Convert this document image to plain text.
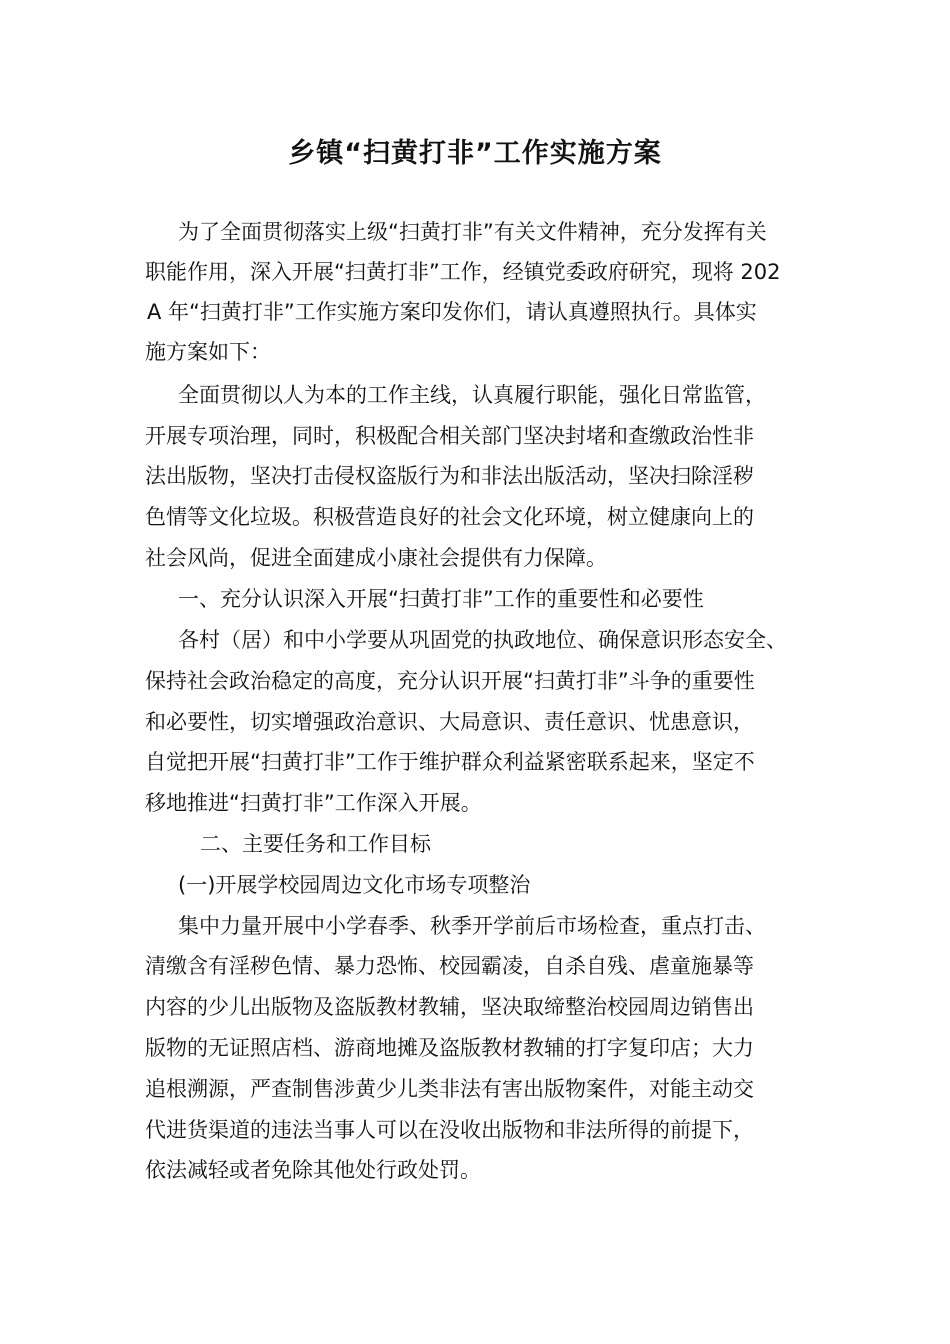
乡镇“扫黄打非”工作实施方案

为了全面贯彻落实上级“扫黄打非”有关文件精神，充分发挥有关

职能作用，深入开展“扫黄打非”工作，经镇党委政府研究，现将 202

A 年“扫黄打非”工作实施方案印发你们，请认真遵照执行。具体实

施方案如下：

全面贯彻以人为本的工作主线，认真履行职能，强化日常监管，

开展专项治理，同时，积极配合相关部门坚决封堵和查缴政治性非

法出版物，坚决打击侵权盗版行为和非法出版活动，坚决扫除淫秽

色情等文化垃圾。积极营造良好的社会文化环境，树立健康向上的

社会风尚，促进全面建成小康社会提供有力保障。

一、充分认识深入开展“扫黄打非”工作的重要性和必要性

各村（居）和中小学要从巩固党的执政地位、确保意识形态安全、

保持社会政治稳定的高度，充分认识开展“扫黄打非”斗争的重要性

和必要性，切实增强政治意识、大局意识、责任意识、忧患意识，

自觉把开展“扫黄打非”工作于维护群众利益紧密联系起来，坚定不

移地推进“扫黄打非”工作深入开展。

二、主要任务和工作目标

(一)开展学校园周边文化市场专项整治

集中力量开展中小学春季、秋季开学前后市场检查，重点打击、

清缴含有淫秽色情、暴力恐怖、校园霸凌，自杀自残、虐童施暴等

内容的少儿出版物及盗版教材教辅，坚决取缔整治校园周边销售出

版物的无证照店档、游商地摊及盗版教材教辅的打字复印店；大力

追根溯源，严查制售涉黄少儿类非法有害出版物案件，对能主动交

代进货渠道的违法当事人可以在没收出版物和非法所得的前提下，

依法减轻或者免除其他处行政处罚。
